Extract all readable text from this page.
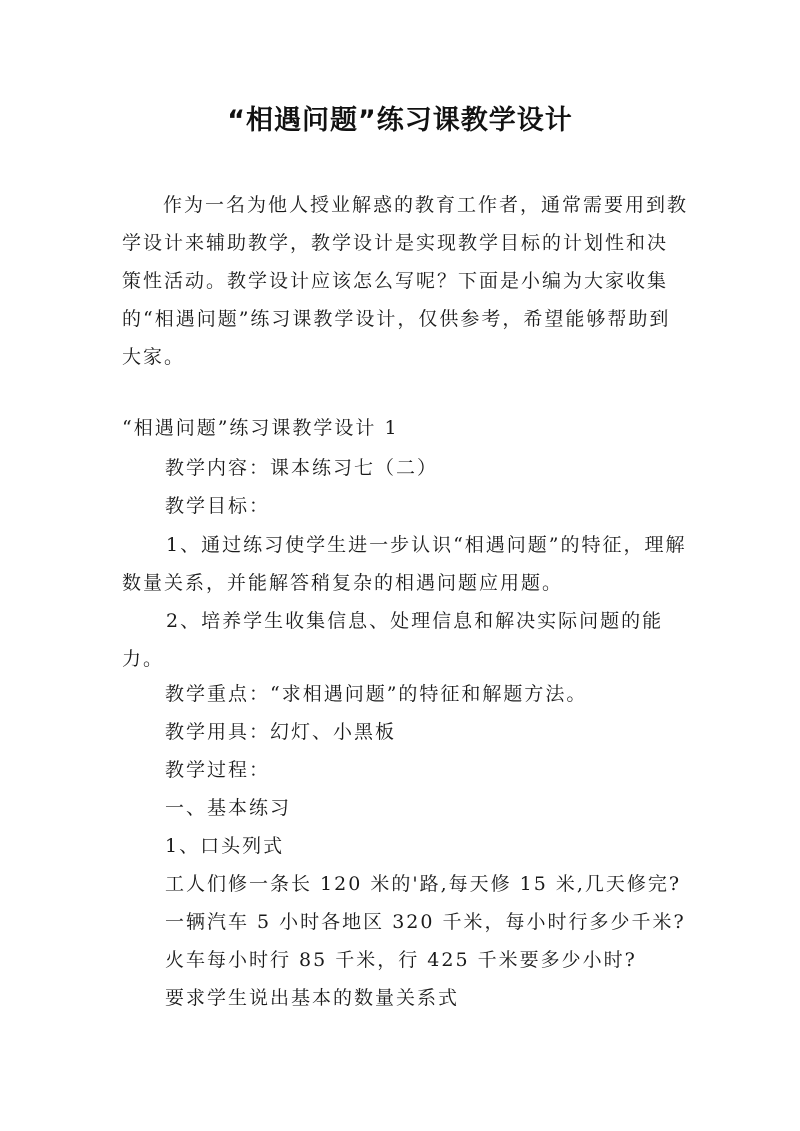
“相遇问题”练习课教学设计

作为一名为他人授业解惑的教育工作者，通常需要用到教学设计来辅助教学，教学设计是实现教学目标的计划性和决策性活动。教学设计应该怎么写呢？下面是小编为大家收集的“相遇问题”练习课教学设计，仅供参考，希望能够帮助到大家。

“相遇问题”练习课教学设计 1
教学内容：课本练习七（二）
教学目标：

1、通过练习使学生进一步认识“相遇问题”的特征，理解数量关系，并能解答稍复杂的相遇问题应用题。

2、培养学生收集信息、处理信息和解决实际问题的能力。

教学重点：“求相遇问题”的特征和解题方法。
教学用具：幻灯、小黑板
教学过程：
一、基本练习
1、口头列式
工人们修一条长 120 米的'路,每天修 15 米,几天修完?
一辆汽车 5 小时各地区 320 千米，每小时行多少千米?
火车每小时行 85 千米，行 425 千米要多少小时?
要求学生说出基本的数量关系式
